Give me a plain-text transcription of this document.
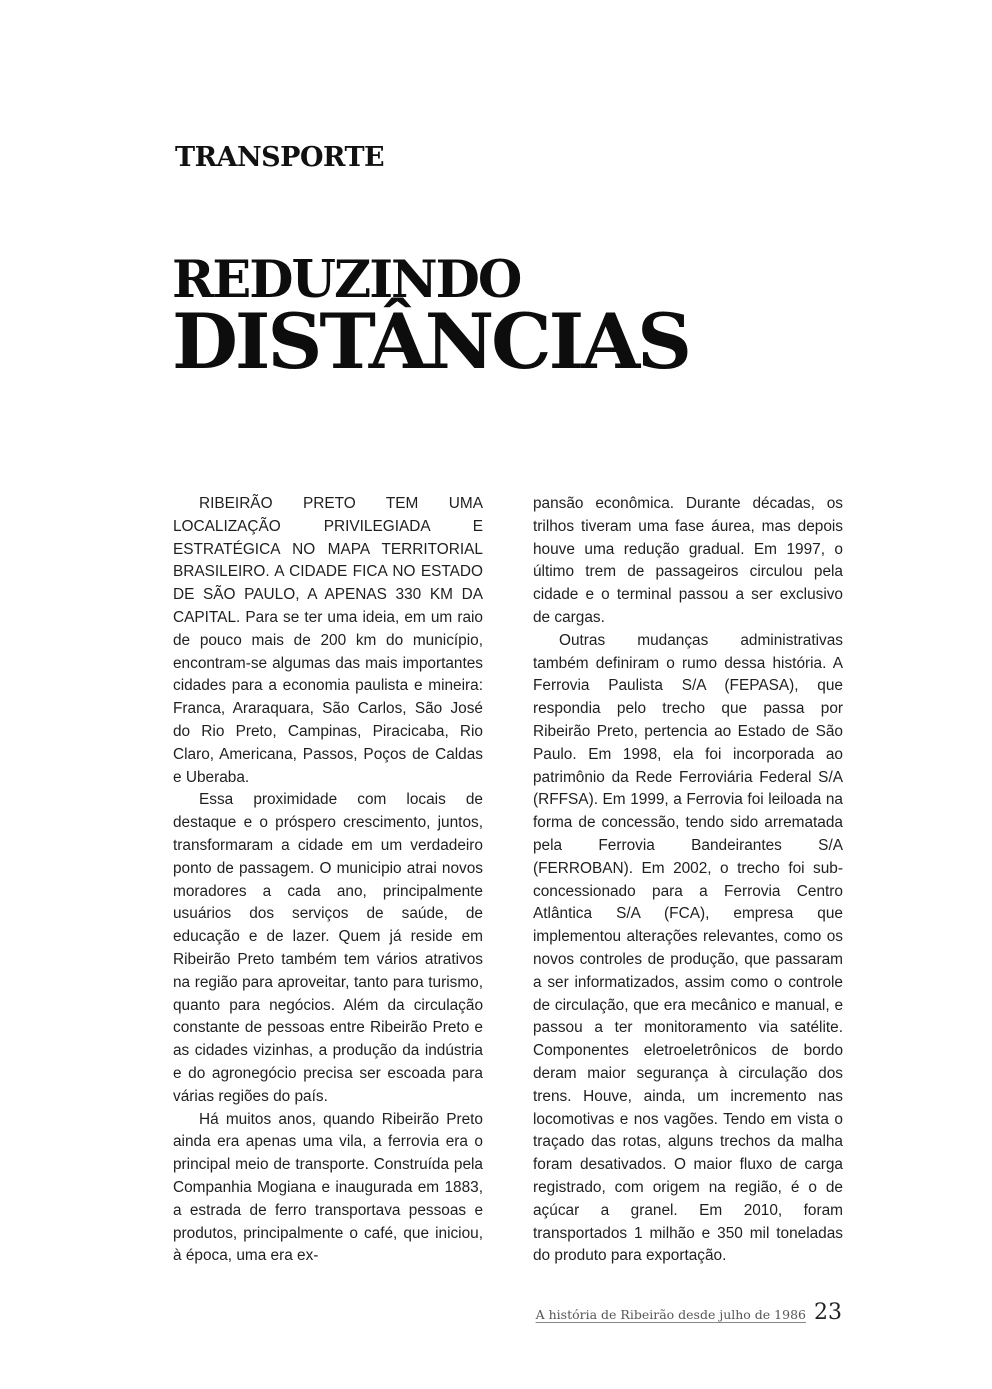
TRANSPORTE
REDUZINDO
DISTÂNCIAS

RIBEIRÃO PRETO TEM UMA LOCALIZAÇÃO PRIVILEGIADA E ESTRATÉGICA NO MAPA TERRITORIAL BRASILEIRO. A CIDADE FICA NO ESTADO DE SÃO PAULO, A APENAS 330 KM DA CAPITAL. Para se ter uma ideia, em um raio de pouco mais de 200 km do município, encontram-se algumas das mais importantes cidades para a economia paulista e mineira: Franca, Araraquara, São Carlos, São José do Rio Preto, Campinas, Piracicaba, Rio Claro, Americana, Passos, Poços de Caldas e Uberaba.

Essa proximidade com locais de destaque e o próspero crescimento, juntos, transformaram a cidade em um verdadeiro ponto de passagem. O municipio atrai novos moradores a cada ano, principalmente usuários dos serviços de saúde, de educação e de lazer. Quem já reside em Ribeirão Preto também tem vários atrativos na região para aproveitar, tanto para turismo, quanto para negócios. Além da circulação constante de pessoas entre Ribeirão Preto e as cidades vizinhas, a produção da indústria e do agronegócio precisa ser escoada para várias regiões do país.

Há muitos anos, quando Ribeirão Preto ainda era apenas uma vila, a ferrovia era o principal meio de transporte. Construída pela Companhia Mogiana e inaugurada em 1883, a estrada de ferro transportava pessoas e produtos, principalmente o café, que iniciou, à época, uma era ex-

pansão econômica. Durante décadas, os trilhos tiveram uma fase áurea, mas depois houve uma redução gradual. Em 1997, o último trem de passageiros circulou pela cidade e o terminal passou a ser exclusivo de cargas.

Outras mudanças administrativas também definiram o rumo dessa história. A Ferrovia Paulista S/A (FEPASA), que respondia pelo trecho que passa por Ribeirão Preto, pertencia ao Estado de São Paulo. Em 1998, ela foi incorporada ao patrimônio da Rede Ferroviária Federal S/A (RFFSA). Em 1999, a Ferrovia foi leiloada na forma de concessão, tendo sido arrematada pela Ferrovia Bandeirantes S/A (FERROBAN). Em 2002, o trecho foi sub-concessionado para a Ferrovia Centro Atlântica S/A (FCA), empresa que implementou alterações relevantes, como os novos controles de produção, que passaram a ser informatizados, assim como o controle de circulação, que era mecânico e manual, e passou a ter monitoramento via satélite. Componentes eletroeletrônicos de bordo deram maior segurança à circulação dos trens. Houve, ainda, um incremento nas locomotivas e nos vagões. Tendo em vista o traçado das rotas, alguns trechos da malha foram desativados. O maior fluxo de carga registrado, com origem na região, é o de açúcar a granel. Em 2010, foram transportados 1 milhão e 350 mil toneladas do produto para exportação.

A história de Ribeirão desde julho de 1986 23
